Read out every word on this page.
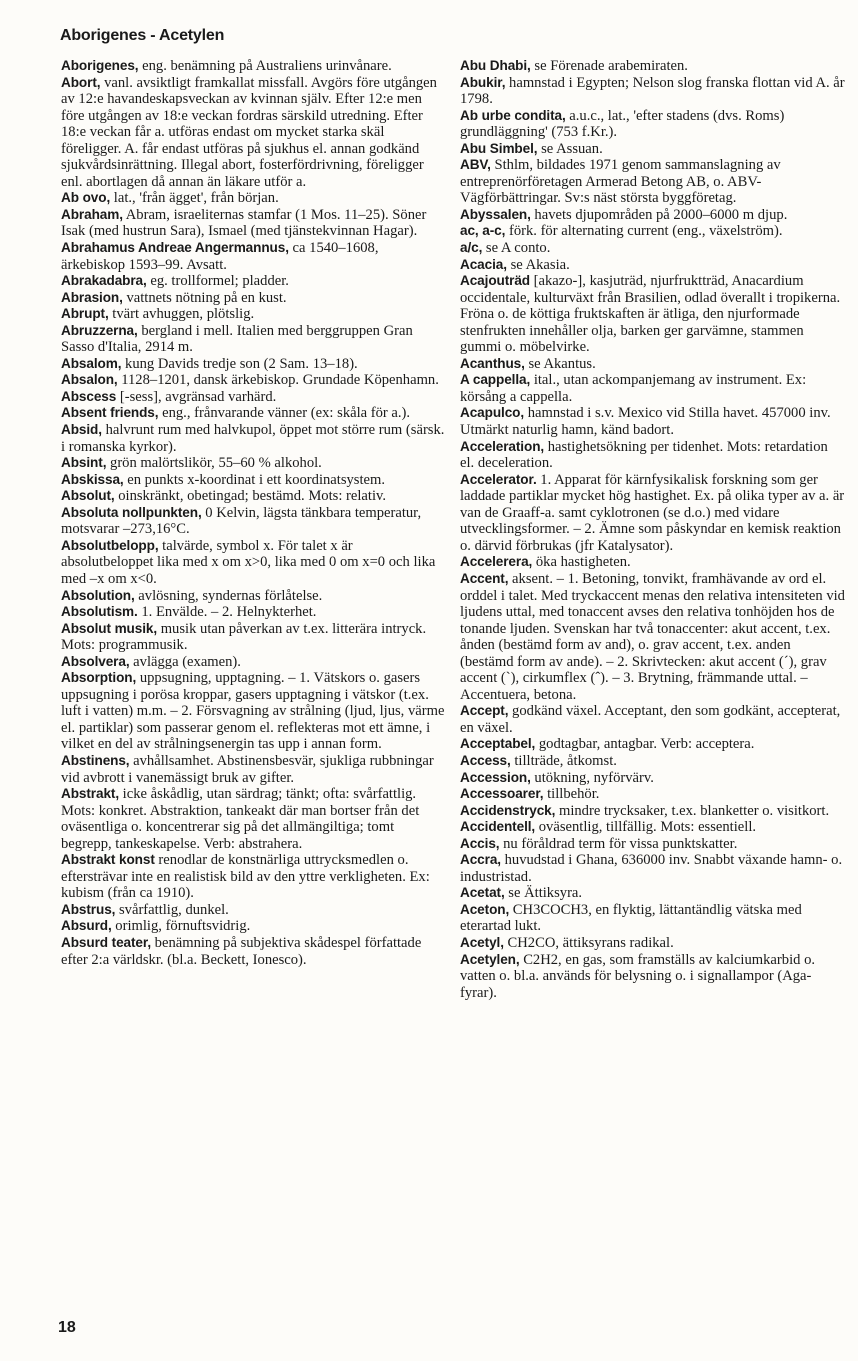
Aborigenes - Acetylen

Aborigenes, eng. benämning på Australiens urinvånare.

Abort, vanl. avsiktligt framkallat missfall. Avgörs före utgången av 12:e havandeskapsveckan av kvinnan själv. Efter 12:e men före utgången av 18:e veckan fordras särskild utredning. Efter 18:e veckan får a. utföras endast om mycket starka skäl föreligger. A. får endast utföras på sjukhus el. annan godkänd sjukvårdsinrättning. Illegal abort, fosterfördrivning, föreligger enl. abortlagen då annan än läkare utför a.

Ab ovo, lat., 'från ägget', från början.

Abraham, Abram, israeliternas stamfar (1 Mos. 11–25). Söner Isak (med hustrun Sara), Ismael (med tjänstekvinnan Hagar).

Abrahamus Andreae Angermannus, ca 1540–1608, ärkebiskop 1593–99. Avsatt.

Abrakadabra, eg. trollformel; pladder.

Abrasion, vattnets nötning på en kust.

Abrupt, tvärt avhuggen, plötslig.

Abruzzerna, bergland i mell. Italien med berggruppen Gran Sasso d'Italia, 2914 m.

Absalom, kung Davids tredje son (2 Sam. 13–18).

Absalon, 1128–1201, dansk ärkebiskop. Grundade Köpenhamn.

Abscess [-sess], avgränsad varhärd.

Absent friends, eng., frånvarande vänner (ex: skåla för a.).

Absid, halvrunt rum med halvkupol, öppet mot större rum (särsk. i romanska kyrkor).

Absint, grön malörtslikör, 55–60 % alkohol.

Abskissa, en punkts x-koordinat i ett koordinatsystem.

Absolut, oinskränkt, obetingad; bestämd. Mots: relativ.

Absoluta nollpunkten, 0 Kelvin, lägsta tänkbara temperatur, motsvarar –273,16°C.

Absolutbelopp, talvärde, symbol x. För talet x är absolutbeloppet lika med x om x>0, lika med 0 om x=0 och lika med –x om x<0.

Absolution, avlösning, syndernas förlåtelse.

Absolutism. 1. Envälde. – 2. Helnykterhet.

Absolut musik, musik utan påverkan av t.ex. litterära intryck. Mots: programmusik.

Absolvera, avlägga (examen).

Absorption, uppsugning, upptagning. – 1. Vätskors o. gasers uppsugning i porösa kroppar, gasers upptagning i vätskor (t.ex. luft i vatten) m.m. – 2. Försvagning av strålning (ljud, ljus, värme el. partiklar) som passerar genom el. reflekteras mot ett ämne, i vilket en del av strålningsenergin tas upp i annan form.

Abstinens, avhållsamhet. Abstinensbesvär, sjukliga rubbningar vid avbrott i vanemässigt bruk av gifter.

Abstrakt, icke åskådlig, utan särdrag; tänkt; ofta: svårfattlig. Mots: konkret. Abstraktion, tankeakt där man bortser från det oväsentliga o. koncentrerar sig på det allmängiltiga; tomt begrepp, tankeskapelse. Verb: abstrahera.

Abstrakt konst renodlar de konstnärliga uttrycksmedlen o. eftersträvar inte en realistisk bild av den yttre verkligheten. Ex: kubism (från ca 1910).

Abstrus, svårfattlig, dunkel.

Absurd, orimlig, förnuftsvidrig.

Absurd teater, benämning på subjektiva skådespel författade efter 2:a världskr. (bl.a. Beckett, Ionesco).

Abu Dhabi, se Förenade arabemiraten.

Abukir, hamnstad i Egypten; Nelson slog franska flottan vid A. år 1798.

Ab urbe condita, a.u.c., lat., 'efter stadens (dvs. Roms) grundläggning' (753 f.Kr.).

Abu Simbel, se Assuan.

ABV, Sthlm, bildades 1971 genom sammanslagning av entreprenörföretagen Armerad Betong AB, o. ABV-Vägförbättringar. Sv:s näst största byggföretag.

Abyssalen, havets djupområden på 2000–6000 m djup.

ac, a-c, förk. för alternating current (eng., växelström).

a/c, se A conto.

Acacia, se Akasia.

Acajouträd [akazo-], kasjuträd, njurfruktträd, Anacardium occidentale, kulturväxt från Brasilien, odlad överallt i tropikerna. Fröna o. de köttiga fruktskaften är ätliga, den njurformade stenfrukten innehåller olja, barken ger garvämne, stammen gummi o. möbelvirke.

Acanthus, se Akantus.

A cappella, ital., utan ackompanjemang av instrument. Ex: körsång a cappella.

Acapulco, hamnstad i s.v. Mexico vid Stilla havet. 457000 inv. Utmärkt naturlig hamn, känd badort.

Acceleration, hastighetsökning per tidenhet. Mots: retardation el. deceleration.

Accelerator. 1. Apparat för kärnfysikalisk forskning som ger laddade partiklar mycket hög hastighet. Ex. på olika typer av a. är van de Graaff-a. samt cyklotronen (se d.o.) med vidare utvecklingsformer. – 2. Ämne som påskyndar en kemisk reaktion o. därvid förbrukas (jfr Katalysator).

Accelerera, öka hastigheten.

Accent, aksent. – 1. Betoning, tonvikt, framhävande av ord el. orddel i talet. Med tryckaccent menas den relativa intensiteten vid ljudens uttal, med tonaccent avses den relativa tonhöjden hos de tonande ljuden. Svenskan har två tonaccenter: akut accent, t.ex. ånden (bestämd form av and), o. grav accent, t.ex. anden (bestämd form av ande). – 2. Skrivtecken: akut accent (´), grav accent (`), cirkumflex (ˆ). – 3. Brytning, främmande uttal. – Accentuera, betona.

Accept, godkänd växel. Acceptant, den som godkänt, accepterat, en växel.

Acceptabel, godtagbar, antagbar. Verb: acceptera.

Access, tillträde, åtkomst.

Accession, utökning, nyförvärv.

Accessoarer, tillbehör.

Accidenstryck, mindre trycksaker, t.ex. blanketter o. visitkort.

Accidentell, oväsentlig, tillfällig. Mots: essentiell.

Accis, nu föråldrad term för vissa punktskatter.

Accra, huvudstad i Ghana, 636000 inv. Snabbt växande hamn- o. industristad.

Acetat, se Ättiksyra.

Aceton, CH3COCH3, en flyktig, lättantändlig vätska med eterartad lukt.

Acetyl, CH2CO, ättiksyrans radikal.

Acetylen, C2H2, en gas, som framställs av kalciumkarbid o. vatten o. bl.a. används för belysning o. i signallampor (Aga-fyrar).

18
